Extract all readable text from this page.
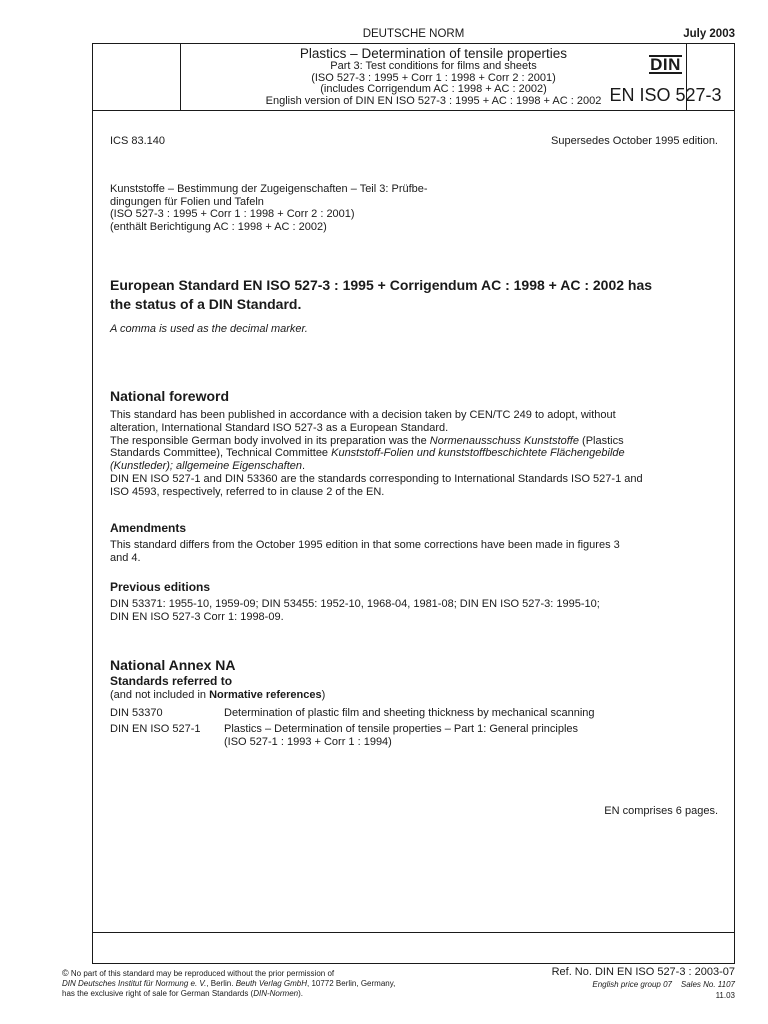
DEUTSCHE NORM	July 2003
Plastics – Determination of tensile properties
Part 3: Test conditions for films and sheets
(ISO 527-3 : 1995 + Corr 1 : 1998 + Corr 2 : 2001)
(includes Corrigendum AC : 1998 + AC : 2002)
English version of DIN EN ISO 527-3 : 1995 + AC : 1998 + AC : 2002
DIN
EN ISO 527-3
ICS 83.140	Supersedes October 1995 edition.
Kunststoffe – Bestimmung der Zugeigenschaften – Teil 3: Prüfbe-
dingungen für Folien und Tafeln
(ISO 527-3 : 1995 + Corr 1 : 1998 + Corr 2 : 2001)
(enthält Berichtigung AC : 1998 + AC : 2002)
European Standard EN ISO 527-3 : 1995 + Corrigendum AC : 1998 + AC : 2002 has
the status of a DIN Standard.
A comma is used as the decimal marker.
National foreword
This standard has been published in accordance with a decision taken by CEN/TC 249 to adopt, without
alteration, International Standard ISO 527-3 as a European Standard.
The responsible German body involved in its preparation was the Normenausschuss Kunststoffe (Plastics
Standards Committee), Technical Committee Kunststoff-Folien und kunststoffbeschichtete Flächengebilde
(Kunstleder); allgemeine Eigenschaften.
DIN EN ISO 527-1 and DIN 53360 are the standards corresponding to International Standards ISO 527-1 and
ISO 4593, respectively, referred to in clause 2 of the EN.
Amendments
This standard differs from the October 1995 edition in that some corrections have been made in figures 3
and 4.
Previous editions
DIN 53371: 1955-10, 1959-09; DIN 53455: 1952-10, 1968-04, 1981-08; DIN EN ISO 527-3: 1995-10;
DIN EN ISO 527-3 Corr 1: 1998-09.
National Annex NA
Standards referred to
(and not included in Normative references)
DIN 53370	Determination of plastic film and sheeting thickness by mechanical scanning
DIN EN ISO 527-1 Plastics – Determination of tensile properties – Part 1: General principles
(ISO 527-1 : 1993 + Corr 1 : 1994)
EN comprises 6 pages.
© No part of this standard may be reproduced without the prior permission of
DIN Deutsches Institut für Normung e. V., Berlin. Beuth Verlag GmbH, 10772 Berlin, Germany,
has the exclusive right of sale for German Standards (DIN-Normen).
Ref. No. DIN EN ISO 527-3 : 2003-07
English price group 07 Sales No. 1107
11.03
